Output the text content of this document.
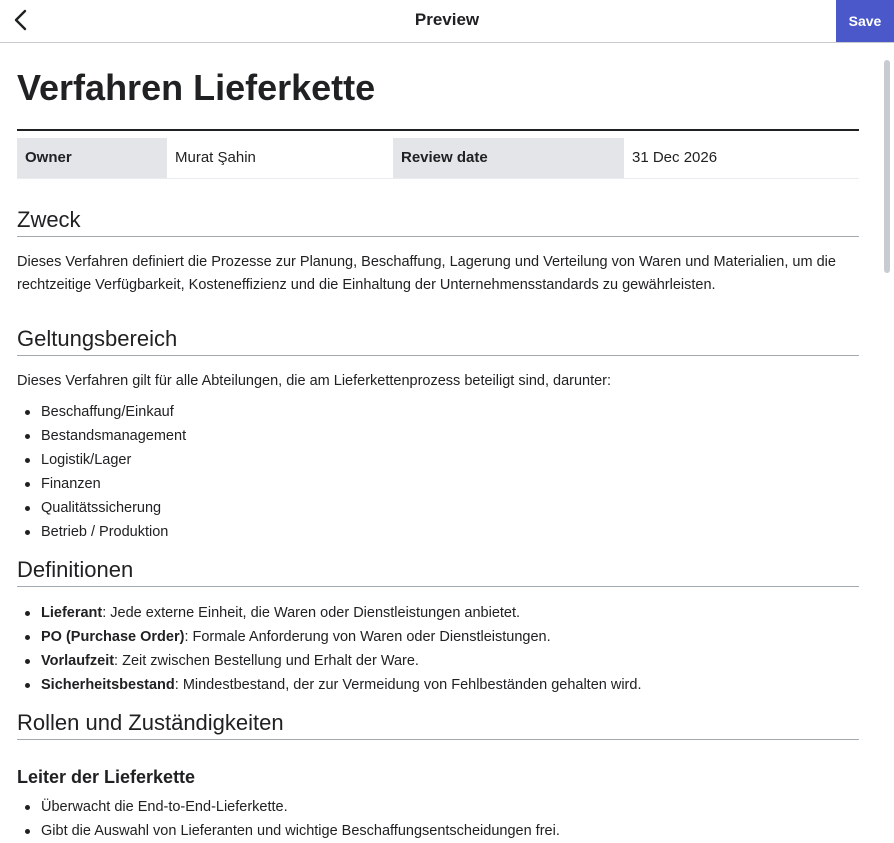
Preview	Save
Verfahren Lieferkette
Owner	Murat Şahin	Review date	31 Dec 2026
Zweck

Dieses Verfahren definiert die Prozesse zur Planung, Beschaffung, Lagerung und Verteilung von Waren und Materialien, um die rechtzeitige Verfügbarkeit, Kosteneffizienz und die Einhaltung der Unternehmensstandards zu gewährleisten.

Geltungsbereich

Dieses Verfahren gilt für alle Abteilungen, die am Lieferkettenprozess beteiligt sind, darunter:

Beschaffung/Einkauf
Bestandsmanagement
Logistik/Lager
Finanzen
Qualitätssicherung
Betrieb / Produktion
Definitionen
Lieferant: Jede externe Einheit, die Waren oder Dienstleistungen anbietet.
PO (Purchase Order): Formale Anforderung von Waren oder Dienstleistungen.
Vorlaufzeit: Zeit zwischen Bestellung und Erhalt der Ware.
Sicherheitsbestand: Mindestbestand, der zur Vermeidung von Fehlbeständen gehalten wird.
Rollen und Zuständigkeiten
Leiter der Lieferkette
Überwacht die End-to-End-Lieferkette.
Gibt die Auswahl von Lieferanten und wichtige Beschaffungsentscheidungen frei.
